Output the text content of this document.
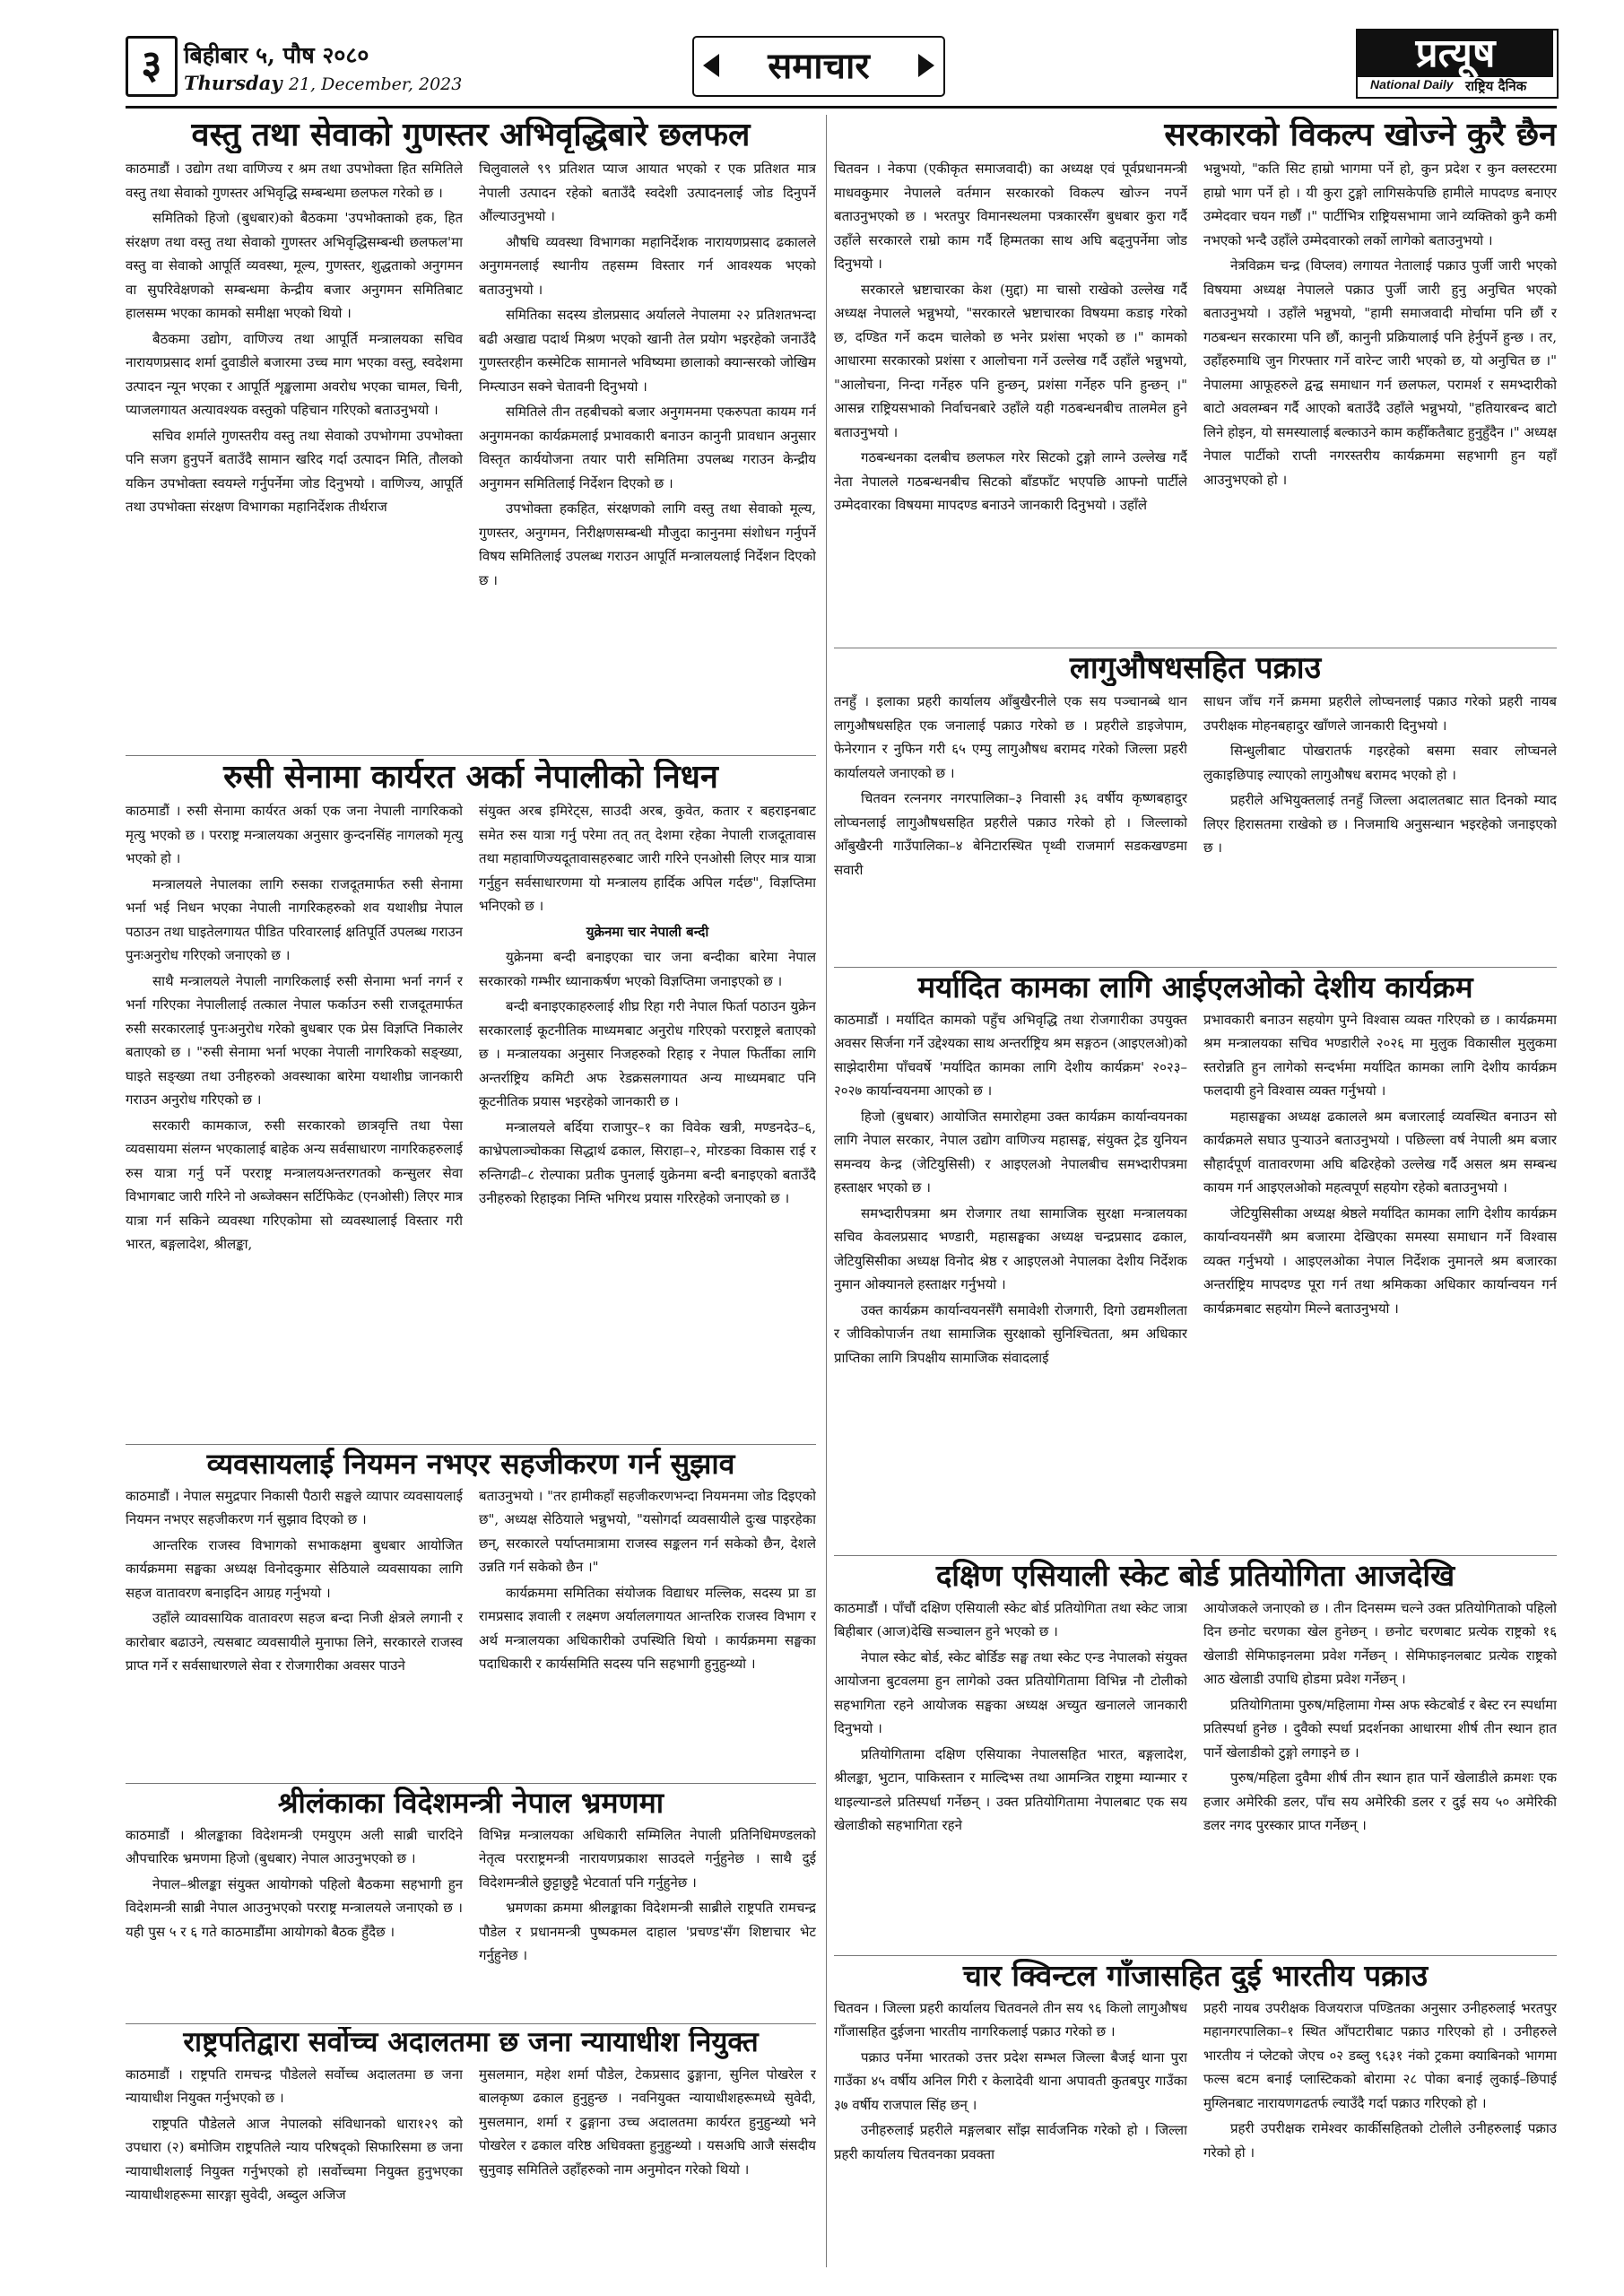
३ बिहीबार ५, पौष २०८०
Thursday 21, December, 2023	समाचार	प्रत्यूष
National Daily राष्ट्रिय दैनिक
वस्तु तथा सेवाको गुणस्तर अभिवृद्धिबारे छलफल

काठमाडौं । उद्योग तथा वाणिज्य र श्रम तथा उपभोक्ता हित समितिले वस्तु तथा सेवाको गुणस्तर अभिवृद्धि सम्बन्धमा छलफल गरेको छ ।

समितिको हिजो (बुधबार)को बैठकमा 'उपभोक्ताको हक, हित संरक्षण तथा वस्तु तथा सेवाको गुणस्तर अभिवृद्धिसम्बन्धी छलफल'मा वस्तु वा सेवाको आपूर्ति व्यवस्था, मूल्य, गुणस्तर, शुद्धताको अनुगमन वा सुपरिवेक्षणको सम्बन्धमा केन्द्रीय बजार अनुगमन समितिबाट हालसम्म भएका कामको समीक्षा भएको थियो ।

बैठकमा उद्योग, वाणिज्य तथा आपूर्ति मन्त्रालयका सचिव नारायणप्रसाद शर्मा दुवाडीले बजारमा उच्च माग भएका वस्तु, स्वदेशमा उत्पादन न्यून भएका र आपूर्ति शृङ्खलामा अवरोध भएका चामल, चिनी, प्याजलगायत अत्यावश्यक वस्तुको पहिचान गरिएको बताउनुभयो ।

सचिव शर्माले गुणस्तरीय वस्तु तथा सेवाको उपभोगमा उपभोक्ता पनि सजग हुनुपर्ने बताउँदै सामान खरिद गर्दा उत्पादन मिति, तौलको यकिन उपभोक्ता स्वयम्ले गर्नुपर्नेमा जोड दिनुभयो । वाणिज्य, आपूर्ति तथा उपभोक्ता संरक्षण विभागका महानिर्देशक तीर्थराज

चिलुवालले ९९ प्रतिशत प्याज आयात भएको र एक प्रतिशत मात्र नेपाली उत्पादन रहेको बताउँदै स्वदेशी उत्पादनलाई जोड दिनुपर्ने औंल्याउनुभयो ।

औषधि व्यवस्था विभागका महानिर्देशक नारायणप्रसाद ढकालले अनुगमनलाई स्थानीय तहसम्म विस्तार गर्न आवश्यक भएको बताउनुभयो ।

समितिका सदस्य डोलप्रसाद अर्यालले नेपालमा २२ प्रतिशतभन्दा बढी अखाद्य पदार्थ मिश्रण भएको खानी तेल प्रयोग भइरहेको जनाउँदै गुणस्तरहीन कस्मेटिक सामानले भविष्यमा छालाको क्यान्सरको जोखिम निम्त्याउन सक्ने चेतावनी दिनुभयो ।

समितिले तीन तहबीचको बजार अनुगमनमा एकरुपता कायम गर्न अनुगमनका कार्यक्रमलाई प्रभावकारी बनाउन कानुनी प्रावधान अनुसार विस्तृत कार्ययोजना तयार पारी समितिमा उपलब्ध गराउन केन्द्रीय अनुगमन समितिलाई निर्देशन दिएको छ ।

उपभोक्ता हकहित, संरक्षणको लागि वस्तु तथा सेवाको मूल्य, गुणस्तर, अनुगमन, निरीक्षणसम्बन्धी मौजुदा कानुनमा संशोधन गर्नुपर्ने विषय समितिलाई उपलब्ध गराउन आपूर्ति मन्त्रालयलाई निर्देशन दिएको छ ।

सरकारको विकल्प खोज्ने कुरै छैन

चितवन । नेकपा (एकीकृत समाजवादी) का अध्यक्ष एवं पूर्वप्रधानमन्त्री माधवकुमार नेपालले वर्तमान सरकारको विकल्प खोज्न नपर्ने बताउनुभएको छ । भरतपुर विमानस्थलमा पत्रकारसँग बुधबार कुरा गर्दै उहाँले सरकारले राम्रो काम गर्दै हिम्मतका साथ अघि बढ्नुपर्नेमा जोड दिनुभयो ।

सरकारले भ्रष्टाचारका केश (मुद्दा) मा चासो राखेको उल्लेख गर्दै अध्यक्ष नेपालले भन्नुभयो, "सरकारले भ्रष्टाचारका विषयमा कडाइ गरेको छ, दण्डित गर्ने कदम चालेको छ भनेर प्रशंसा भएको छ ।" कामको आधारमा सरकारको प्रशंसा र आलोचना गर्ने उल्लेख गर्दै उहाँले भन्नुभयो, "आलोचना, निन्दा गर्नेहरु पनि हुन्छन्, प्रशंसा गर्नेहरु पनि हुन्छन् ।" आसन्न राष्ट्रियसभाको निर्वाचनबारे उहाँले यही गठबन्धनबीच तालमेल हुने बताउनुभयो ।

गठबन्धनका दलबीच छलफल गरेर सिटको टुङ्गो लाग्ने उल्लेख गर्दै नेता नेपालले गठबन्धनबीच सिटको बाँडफाँट भएपछि आफ्नो पार्टीले उम्मेदवारका विषयमा मापदण्ड बनाउने जानकारी दिनुभयो । उहाँले

भन्नुभयो, "कति सिट हाम्रो भागमा पर्ने हो, कुन प्रदेश र कुन क्लस्टरमा हाम्रो भाग पर्ने हो । यी कुरा टुङ्गो लागिसकेपछि हामीले मापदण्ड बनाएर उम्मेदवार चयन गर्छौं ।" पार्टीभित्र राष्ट्रियसभामा जाने व्यक्तिको कुनै कमी नभएको भन्दै उहाँले उम्मेदवारको लर्को लागेको बताउनुभयो ।

नेत्रविक्रम चन्द्र (विप्लव) लगायत नेतालाई पक्राउ पुर्जी जारी भएको विषयमा अध्यक्ष नेपालले पक्राउ पुर्जी जारी हुनु अनुचित भएको बताउनुभयो । उहाँले भन्नुभयो, "हामी समाजवादी मोर्चामा पनि छौं र गठबन्धन सरकारमा पनि छौं, कानुनी प्रक्रियालाई पनि हेर्नुपर्ने हुन्छ । तर, उहाँहरुमाथि जुन गिरफ्तार गर्ने वारेन्ट जारी भएको छ, यो अनुचित छ ।" नेपालमा आफूहरुले द्वन्द्व समाधान गर्न छलफल, परामर्श र समभ्दारीको बाटो अवलम्बन गर्दै आएको बताउँदै उहाँले भन्नुभयो, "हतियारबन्द बाटो लिने होइन, यो समस्यालाई बल्काउने काम कहीँकतैबाट हुनुहुँदैन ।" अध्यक्ष नेपाल पार्टीको राप्ती नगरस्तरीय कार्यक्रममा सहभागी हुन यहाँ आउनुभएको हो ।

लागुऔषधसहित पक्राउ

तनहुँ । इलाका प्रहरी कार्यालय आँबुखैरनीले एक सय पञ्चानब्बे थान लागुऔषधसहित एक जनालाई पक्राउ गरेको छ । प्रहरीले डाइजेपाम, फेनेरगान र नुफिन गरी ६५ एम्पु लागुऔषध बरामद गरेको जिल्ला प्रहरी कार्यालयले जनाएको छ ।

चितवन रत्ननगर नगरपालिका–३ निवासी ३६ वर्षीय कृष्णबहादुर लोप्चनलाई लागुऔषधसहित प्रहरीले पक्राउ गरेको हो । जिल्लाको आँबुखैरनी गाउँपालिका–४ बेनिटारस्थित पृथ्वी राजमार्ग सडकखण्डमा सवारी

साधन जाँच गर्ने क्रममा प्रहरीले लोप्चनलाई पक्राउ गरेको प्रहरी नायब उपरीक्षक मोहनबहादुर खाँणले जानकारी दिनुभयो ।

सिन्धुलीबाट पोखरातर्फ गइरहेको बसमा सवार लोप्चनले लुकाइछिपाइ ल्याएको लागुऔषध बरामद भएको हो ।

प्रहरीले अभियुक्तलाई तनहुँ जिल्ला अदालतबाट सात दिनको म्याद लिएर हिरासतमा राखेको छ । निजमाथि अनुसन्धान भइरहेको जनाइएको छ ।

रुसी सेनामा कार्यरत अर्का नेपालीको निधन

काठमाडौं । रुसी सेनामा कार्यरत अर्का एक जना नेपाली नागरिकको मृत्यु भएको छ । परराष्ट्र मन्त्रालयका अनुसार कुन्दनसिंह नागलको मृत्यु भएको हो ।

मन्त्रालयले नेपालका लागि रुसका राजदूतमार्फत रुसी सेनामा भर्ना भई निधन भएका नेपाली नागरिकहरुको शव यथाशीघ्र नेपाल पठाउन तथा घाइतेलगायत पीडित परिवारलाई क्षतिपूर्ति उपलब्ध गराउन पुनःअनुरोध गरिएको जनाएको छ ।

साथै मन्त्रालयले नेपाली नागरिकलाई रुसी सेनामा भर्ना नगर्न र भर्ना गरिएका नेपालीलाई तत्काल नेपाल फर्काउन रुसी राजदूतमार्फत रुसी सरकारलाई पुनःअनुरोध गरेको बुधबार एक प्रेस विज्ञप्ति निकालेर बताएको छ । "रुसी सेनामा भर्ना भएका नेपाली नागरिकको सङ्ख्या, घाइते सङ्ख्या तथा उनीहरुको अवस्थाका बारेमा यथाशीघ्र जानकारी गराउन अनुरोध गरिएको छ ।

सरकारी कामकाज, रुसी सरकारको छात्रवृत्ति तथा पेसा व्यवसायमा संलग्न भएकालाई बाहेक अन्य सर्वसाधारण नागरिकहरुलाई रुस यात्रा गर्नु पर्ने परराष्ट्र मन्त्रालयअन्तरगतको कन्सुलर सेवा विभागबाट जारी गरिने नो अब्जेक्सन सर्टिफिकेट (एनओसी) लिएर मात्र यात्रा गर्न सकिने व्यवस्था गरिएकोमा सो व्यवस्थालाई विस्तार गरी भारत, बङ्गलादेश, श्रीलङ्का,

संयुक्त अरब इमिरेट्स, साउदी अरब, कुवेत, कतार र बहराइनबाट समेत रुस यात्रा गर्नु परेमा तत् तत् देशमा रहेका नेपाली राजदूतावास तथा महावाणिज्यदूतावासहरुबाट जारी गरिने एनओसी लिएर मात्र यात्रा गर्नुहुन सर्वसाधारणमा यो मन्त्रालय हार्दिक अपिल गर्दछ", विज्ञप्तिमा भनिएको छ ।

युक्रेनमा चार नेपाली बन्दी

युक्रेनमा बन्दी बनाइएका चार जना बन्दीका बारेमा नेपाल सरकारको गम्भीर ध्यानाकर्षण भएको विज्ञप्तिमा जनाइएको छ ।

बन्दी बनाइएकाहरुलाई शीघ्र रिहा गरी नेपाल फिर्ता पठाउन युक्रेन सरकारलाई कूटनीतिक माध्यमबाट अनुरोध गरिएको परराष्ट्रले बताएको छ । मन्त्रालयका अनुसार निजहरुको रिहाइ र नेपाल फिर्तीका लागि अन्तर्राष्ट्रिय कमिटी अफ रेडक्रसलगायत अन्य माध्यमबाट पनि कूटनीतिक प्रयास भइरहेको जानकारी छ ।

मन्त्रालयले बर्दिया राजापुर–१ का विवेक खत्री, मण्डनदेउ–६, काभ्रेपलाञ्चोकका सिद्धार्थ ढकाल, सिराहा–२, मोरङका विकास राई र रुन्तिगढी–८ रोल्पाका प्रतीक पुनलाई युक्रेनमा बन्दी बनाइएको बताउँदै उनीहरुको रिहाइका निम्ति भगिरथ प्रयास गरिरहेको जनाएको छ ।

मर्यादित कामका लागि आईएलओको देशीय कार्यक्रम

काठमाडौं । मर्यादित कामको पहुँच अभिवृद्धि तथा रोजगारीका उपयुक्त अवसर सिर्जना गर्ने उद्देश्यका साथ अन्तर्राष्ट्रिय श्रम सङ्गठन (आइएलओ)को साझेदारीमा पाँचवर्षे 'मर्यादित कामका लागि देशीय कार्यक्रम' २०२३–२०२७ कार्यान्वयनमा आएको छ ।

हिजो (बुधबार) आयोजित समारोहमा उक्त कार्यक्रम कार्यान्वयनका लागि नेपाल सरकार, नेपाल उद्योग वाणिज्य महासङ्घ, संयुक्त ट्रेड युनियन समन्वय केन्द्र (जेटियुसिसी) र आइएलओ नेपालबीच समभ्दारीपत्रमा हस्ताक्षर भएको छ ।

समभ्दारीपत्रमा श्रम रोजगार तथा सामाजिक सुरक्षा मन्त्रालयका सचिव केवलप्रसाद भण्डारी, महासङ्घका अध्यक्ष चन्द्रप्रसाद ढकाल, जेटियुसिसीका अध्यक्ष विनोद श्रेष्ठ र आइएलओ नेपालका देशीय निर्देशक नुमान ओक्यानले हस्ताक्षर गर्नुभयो ।

उक्त कार्यक्रम कार्यान्वयनसँगै समावेशी रोजगारी, दिगो उद्यमशीलता र जीविकोपार्जन तथा सामाजिक सुरक्षाको सुनिश्चितता, श्रम अधिकार प्राप्तिका लागि त्रिपक्षीय सामाजिक संवादलाई

प्रभावकारी बनाउन सहयोग पुग्ने विश्वास व्यक्त गरिएको छ । कार्यक्रममा श्रम मन्त्रालयका सचिव भण्डारीले २०२६ मा मुलुक विकासील मुलुकमा स्तरोन्नति हुन लागेको सन्दर्भमा मर्यादित कामका लागि देशीय कार्यक्रम फलदायी हुने विश्वास व्यक्त गर्नुभयो ।

महासङ्घका अध्यक्ष ढकालले श्रम बजारलाई व्यवस्थित बनाउन सो कार्यक्रमले सघाउ पुऱ्याउने बताउनुभयो । पछिल्ला वर्ष नेपाली श्रम बजार सौहार्दपूर्ण वातावरणमा अघि बढिरहेको उल्लेख गर्दै असल श्रम सम्बन्ध कायम गर्न आइएलओको महत्वपूर्ण सहयोग रहेको बताउनुभयो ।

जेटियुसिसीका अध्यक्ष श्रेष्ठले मर्यादित कामका लागि देशीय कार्यक्रम कार्यान्वयनसँगै श्रम बजारमा देखिएका समस्या समाधान गर्ने विश्वास व्यक्त गर्नुभयो । आइएलओका नेपाल निर्देशक नुमानले श्रम बजारका अन्तर्राष्ट्रिय मापदण्ड पूरा गर्न तथा श्रमिकका अधिकार कार्यान्वयन गर्न कार्यक्रमबाट सहयोग मिल्ने बताउनुभयो ।

व्यवसायलाई नियमन नभएर सहजीकरण गर्न सुझाव

काठमाडौं । नेपाल समुद्रपार निकासी पैठारी सङ्घले व्यापार व्यवसायलाई नियमन नभएर सहजीकरण गर्न सुझाव दिएको छ ।

आन्तरिक राजस्व विभागको सभाकक्षमा बुधबार आयोजित कार्यक्रममा सङ्घका अध्यक्ष विनोदकुमार सेठियाले व्यवसायका लागि सहज वातावरण बनाइदिन आग्रह गर्नुभयो ।

उहाँले व्यावसायिक वातावरण सहज बन्दा निजी क्षेत्रले लगानी र कारोबार बढाउने, त्यसबाट व्यवसायीले मुनाफा लिने, सरकारले राजस्व प्राप्त गर्ने र सर्वसाधारणले सेवा र रोजगारीका अवसर पाउने

बताउनुभयो । "तर हामीकहाँ सहजीकरणभन्दा नियमनमा जोड दिइएको छ", अध्यक्ष सेठियाले भन्नुभयो, "यसोगर्दा व्यवसायीले दुःख पाइरहेका छन्, सरकारले पर्याप्तमात्रामा राजस्व सङ्कलन गर्न सकेको छैन, देशले उन्नति गर्न सकेको छैन ।"

कार्यक्रममा समितिका संयोजक विद्याधर मल्लिक, सदस्य प्रा डा रामप्रसाद ज्ञवाली र लक्ष्मण अर्याललगायत आन्तरिक राजस्व विभाग र अर्थ मन्त्रालयका अधिकारीको उपस्थिति थियो । कार्यक्रममा सङ्घका पदाधिकारी र कार्यसमिति सदस्य पनि सहभागी हुनुहुन्थ्यो ।

श्रीलंकाका विदेशमन्त्री नेपाल भ्रमणमा

काठमाडौं । श्रीलङ्काका विदेशमन्त्री एमयुएम अली साब्री चारदिने औपचारिक भ्रमणमा हिजो (बुधबार) नेपाल आउनुभएको छ ।

नेपाल–श्रीलङ्का संयुक्त आयोगको पहिलो बैठकमा सहभागी हुन विदेशमन्त्री साब्री नेपाल आउनुभएको परराष्ट्र मन्त्रालयले जनाएको छ । यही पुस ५ र ६ गते काठमाडौंमा आयोगको बैठक हुँदैछ ।

विभिन्न मन्त्रालयका अधिकारी सम्मिलित नेपाली प्रतिनिधिमण्डलको नेतृत्व परराष्ट्रमन्त्री नारायणप्रकाश साउदले गर्नुहुनेछ । साथै दुई विदेशमन्त्रीले छुट्टाछुट्टै भेटवार्ता पनि गर्नुहुनेछ ।

भ्रमणका क्रममा श्रीलङ्काका विदेशमन्त्री साब्रीले राष्ट्रपति रामचन्द्र पौडेल र प्रधानमन्त्री पुष्पकमल दाहाल 'प्रचण्ड'सँग शिष्टाचार भेट गर्नुहुनेछ ।

दक्षिण एसियाली स्केट बोर्ड प्रतियोगिता आजदेखि

काठमाडौं । पाँचौं दक्षिण एसियाली स्केट बोर्ड प्रतियोगिता तथा स्केट जात्रा बिहीबार (आज)देखि सञ्चालन हुने भएको छ ।

नेपाल स्केट बोर्ड, स्केट बोर्डिङ सङ्घ तथा स्केट एन्ड नेपालको संयुक्त आयोजना बुटवलमा हुन लागेको उक्त प्रतियोगितामा विभिन्न नौ टोलीको सहभागिता रहने आयोजक सङ्घका अध्यक्ष अच्युत खनालले जानकारी दिनुभयो ।

प्रतियोगितामा दक्षिण एसियाका नेपालसहित भारत, बङ्गलादेश, श्रीलङ्का, भुटान, पाकिस्तान र माल्दिभ्स तथा आमन्त्रित राष्ट्रमा म्यान्मार र थाइल्यान्डले प्रतिस्पर्धा गर्नेछन् । उक्त प्रतियोगितामा नेपालबाट एक सय खेलाडीको सहभागिता रहने

आयोजकले जनाएको छ । तीन दिनसम्म चल्ने उक्त प्रतियोगिताको पहिलो दिन छनोट चरणका खेल हुनेछन् । छनोट चरणबाट प्रत्येक राष्ट्रको १६ खेलाडी सेमिफाइनलमा प्रवेश गर्नेछन् । सेमिफाइनलबाट प्रत्येक राष्ट्रको आठ खेलाडी उपाधि होडमा प्रवेश गर्नेछन् ।

प्रतियोगितामा पुरुष/महिलामा गेम्स अफ स्केटबोर्ड र बेस्ट रन स्पर्धामा प्रतिस्पर्धा हुनेछ । दुवैको स्पर्धा प्रदर्शनका आधारमा शीर्ष तीन स्थान हात पार्ने खेलाडीको टुङ्गो लगाइने छ ।

पुरुष/महिला दुवैमा शीर्ष तीन स्थान हात पार्ने खेलाडीले क्रमशः एक हजार अमेरिकी डलर, पाँच सय अमेरिकी डलर र दुई सय ५० अमेरिकी डलर नगद पुरस्कार प्राप्त गर्नेछन् ।

राष्ट्रपतिद्वारा सर्वोच्च अदालतमा छ जना न्यायाधीश नियुक्त

काठमाडौं । राष्ट्रपति रामचन्द्र पौडेलले सर्वोच्च अदालतमा छ जना न्यायाधीश नियुक्त गर्नुभएको छ ।

राष्ट्रपति पौडेलले आज नेपालको संविधानको धारा१२९ को उपधारा (२) बमोजिम राष्ट्रपतिले न्याय परिषद्को सिफारिसमा छ जना न्यायाधीशलाई नियुक्त गर्नुभएको हो ।सर्वोच्चमा नियुक्त हुनुभएका न्यायाधीशहरूमा सारङ्गा सुवेदी, अब्दुल अजिज

मुसलमान, महेश शर्मा पौडेल, टेकप्रसाद ढुङ्गाना, सुनिल पोखरेल र बालकृष्ण ढकाल हुनुहुन्छ । नवनियुक्त न्यायाधीशहरूमध्ये सुवेदी, मुसलमान, शर्मा र ढुङ्गाना उच्च अदालतमा कार्यरत हुनुहुन्थ्यो भने पोखरेल र ढकाल वरिष्ठ अधिवक्ता हुनुहुन्थ्यो । यसअघि आजै संसदीय सुनुवाइ समितिले उहाँहरुको नाम अनुमोदन गरेको थियो ।

चार क्विन्टल गाँजासहित दुई भारतीय पक्राउ

चितवन । जिल्ला प्रहरी कार्यालय चितवनले तीन सय ९६ किलो लागुऔषध गाँजासहित दुईजना भारतीय नागरिकलाई पक्राउ गरेको छ ।

पक्राउ पर्नेमा भारतको उत्तर प्रदेश सम्भल जिल्ला बैजई थाना पुरा गाउँका ४५ वर्षीय अनिल गिरी र केलादेवी थाना अपावती कुतबपुर गाउँका ३७ वर्षीय राजपाल सिंह छन् ।

उनीहरुलाई प्रहरीले मङ्गलबार साँझ सार्वजनिक गरेको हो । जिल्ला प्रहरी कार्यालय चितवनका प्रवक्ता

प्रहरी नायब उपरीक्षक विजयराज पण्डितका अनुसार उनीहरुलाई भरतपुर महानगरपालिका–१ स्थित आँपटारीबाट पक्राउ गरिएको हो । उनीहरुले भारतीय नं प्लेटको जेएच ०२ डब्लु ९६३१ नंको ट्रकमा क्याबिनको भागमा फल्स बटम बनाई प्लास्टिकको बोरामा २८ पोका बनाई लुकाई–छिपाई मुग्लिनबाट नारायणगढतर्फ ल्याउँदै गर्दा पक्राउ गरिएको हो ।

प्रहरी उपरीक्षक रामेश्वर कार्कीसहितको टोलीले उनीहरुलाई पक्राउ गरेको हो ।
